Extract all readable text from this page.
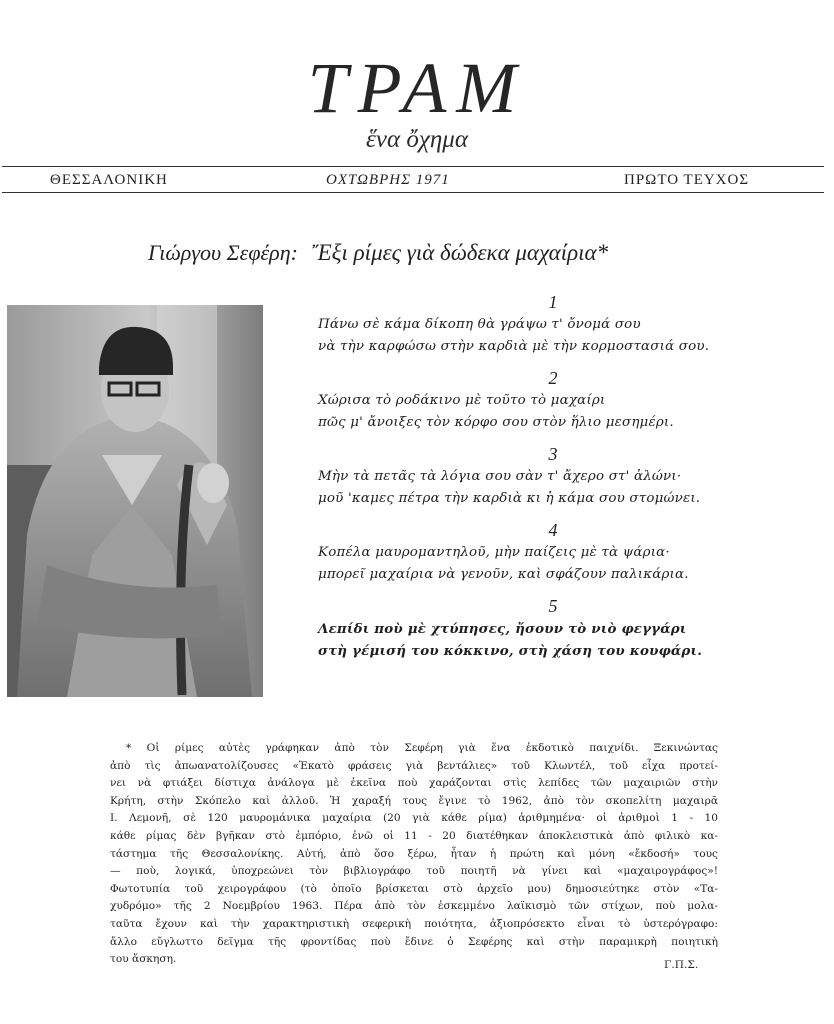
ΤΡΑΜ
ἕνα ὄχημα
ΘΕΣΣΑΛΟΝΙΚΗ	ΟΧΤΩΒΡΗΣ 1971	ΠΡΩΤΟ ΤΕΥΧΟΣ
Γιώργου Σεφέρη: Ἔξι ρίμες γιὰ δώδεκα μαχαίρια*
1
Πάνω σὲ κάμα δίκοπη θὰ γράψω τ' ὄνομά σου
νὰ τὴν καρφώσω στὴν καρδιὰ μὲ τὴν κορμοστασιά σου.
2
Χώρισα τὸ ροδάκινο μὲ τοῦτο τὸ μαχαίρι
πῶς μ' ἄνοιξες τὸν κόρφο σου στὸν ἥλιο μεσημέρι.
3
Μὴν τὰ πετᾶς τὰ λόγια σου σὰν τ' ἄχερο στ' ἁλώνι·
μοῦ 'καμες πέτρα τὴν καρδιὰ κι ἡ κάμα σου στομώνει.
4
Κοπέλα μαυρομαντηλοῦ, μὴν παίζεις μὲ τὰ ψάρια·
μπορεῖ μαχαίρια νὰ γενοῦν, καὶ σφάζουν παλικάρια.
5
Λεπίδι ποὺ μὲ χτύπησες, ἤσουν τὸ νιὸ φεγγάρι
στὴ γέμισή του κόκκινο, στὴ χάση του κουφάρι.
* Οἱ ρίμες αὐτὲς γράφηκαν ἀπὸ τὸν Σεφέρη γιὰ ἕνα ἐκδοτικὸ παιχνίδι. Ξεκινώντας
ἀπὸ τὶς ἀπωανατολίζουσες «Ἑκατὸ φράσεις γιὰ βεντάλιες» τοῦ Κλωντέλ, τοῦ εἶχα προτεί-
νει νὰ φτιάξει δίστιχα ἀνάλογα μὲ ἐκεῖνα ποὺ χαράζονται στὶς λεπίδες τῶν μαχαιριῶν στὴν
Κρήτη, στὴν Σκόπελο καὶ ἀλλοῦ. Ἡ χαραξή τους ἔγινε τὸ 1962, ἀπὸ τὸν σκοπελίτη μαχαιρᾶ
Ι. Λεμονῆ, σὲ 120 μαυρομάνικα μαχαίρια (20 γιὰ κάθε ρίμα) ἀριθμημένα· οἱ ἀριθμοὶ 1 - 10
κάθε ρίμας δὲν βγῆκαν στὸ ἐμπόριο, ἐνῶ οἱ 11 - 20 διατέθηκαν ἀποκλειστικὰ ἀπὸ φιλικὸ κα-
τάστημα τῆς Θεσσαλονίκης. Αὐτή, ἀπὸ ὅσο ξέρω, ἦταν ἡ πρώτη καὶ μόνη «ἔκδοσή» τους
— ποὺ, λογικά, ὑποχρεώνει τὸν βιβλιογράφο τοῦ ποιητῆ νὰ γίνει καὶ «μαχαιρογράφος»!
Φωτοτυπία τοῦ χειρογράφου (τὸ ὁποῖο βρίσκεται στὸ ἀρχεῖο μου) δημοσιεύτηκε στὸν «Τα-
χυδρόμο» τῆς 2 Νοεμβρίου 1963. Πέρα ἀπὸ τὸν ἐσκεμμένο λαϊκισμὸ τῶν στίχων, ποὺ μολα-
ταῦτα ἔχουν καὶ τὴν χαρακτηριστικὴ σεφερικὴ ποιότητα, ἀξιοπρόσεκτο εἶναι τὸ ὑστερόγραφο:
ἄλλο εὔγλωττο δεῖγμα τῆς φροντίδας ποὺ ἔδινε ὁ Σεφέρης καὶ στὴν παραμικρὴ ποιητικὴ
του ἄσκηση.	Γ.Π.Σ.
